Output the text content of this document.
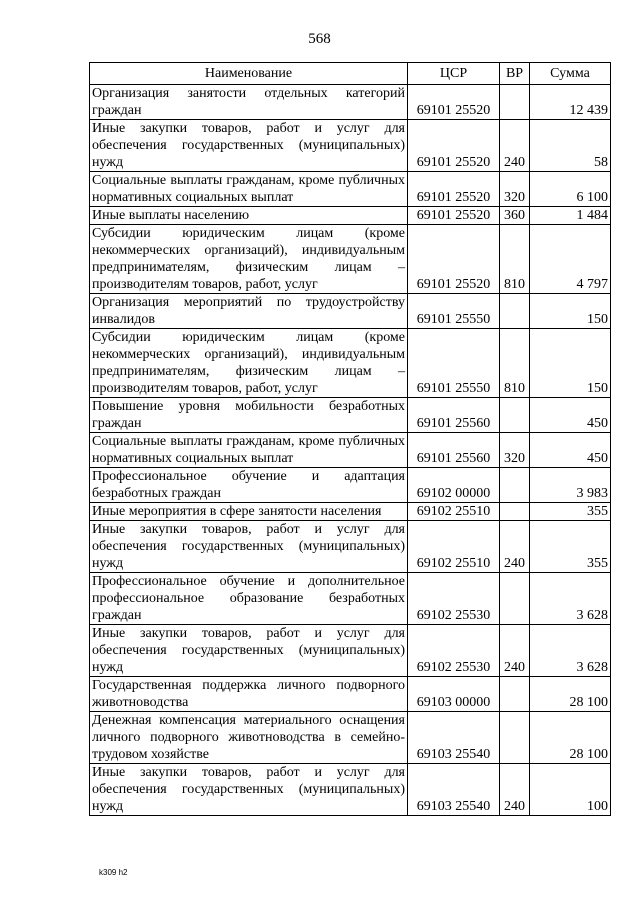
568
Наименование	ЦСР	ВР	Сумма
Организация занятости отдельных категорий граждан	69101 25520		12 439
Иные закупки товаров, работ и услуг для обеспечения государственных (муниципальных) нужд	69101 25520	240	58
Социальные выплаты гражданам, кроме публичных нормативных социальных выплат	69101 25520	320	6 100
Иные выплаты населению	69101 25520	360	1 484
Субсидии юридическим лицам (кроме некоммерческих организаций), индивидуальным предпринимателям, физическим лицам – производителям товаров, работ, услуг	69101 25520	810	4 797
Организация мероприятий по трудоустройству инвалидов	69101 25550		150
Субсидии юридическим лицам (кроме некоммерческих организаций), индивидуальным предпринимателям, физическим лицам – производителям товаров, работ, услуг	69101 25550	810	150
Повышение уровня мобильности безработных граждан	69101 25560		450
Социальные выплаты гражданам, кроме публичных нормативных социальных выплат	69101 25560	320	450
Профессиональное обучение и адаптация безработных граждан	69102 00000		3 983
Иные мероприятия в сфере занятости населения	69102 25510		355
Иные закупки товаров, работ и услуг для обеспечения государственных (муниципальных) нужд	69102 25510	240	355
Профессиональное обучение и дополнительное профессиональное образование безработных граждан	69102 25530		3 628
Иные закупки товаров, работ и услуг для обеспечения государственных (муниципальных) нужд	69102 25530	240	3 628
Государственная поддержка личного подворного животноводства	69103 00000		28 100
Денежная компенсация материального оснащения личного подворного животноводства в семейно-трудовом хозяйстве	69103 25540		28 100
Иные закупки товаров, работ и услуг для обеспечения государственных (муниципальных) нужд	69103 25540	240	100
k309 h2
